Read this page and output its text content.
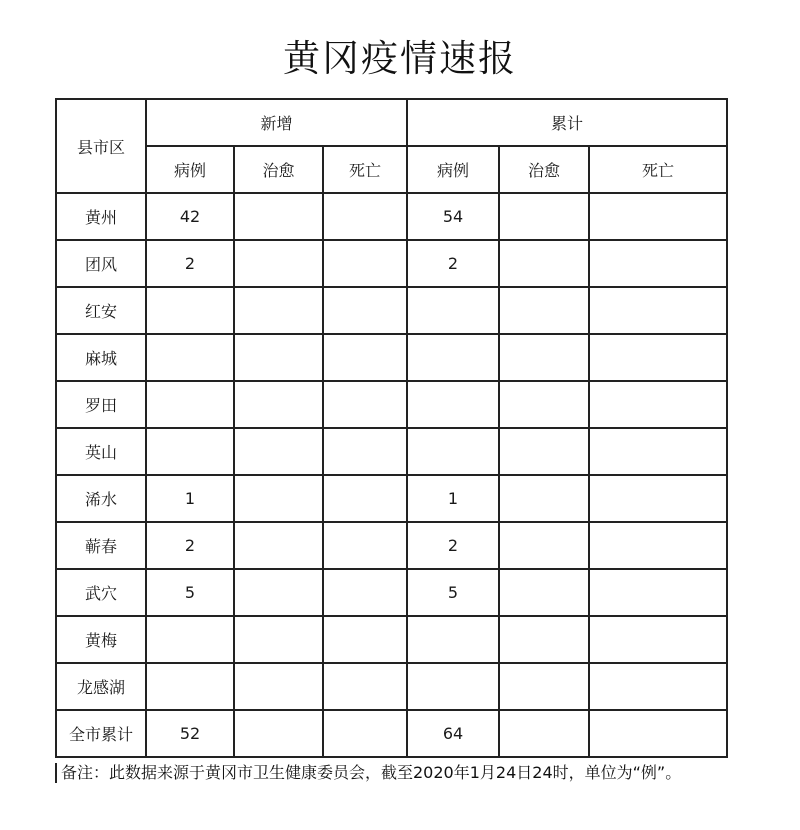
黄冈疫情速报
县市区	新增			累计		
	病例	治愈	死亡	病例	治愈	死亡
黄州	42			54		
团风	2			2		
红安						
麻城						
罗田						
英山						
浠水	1			1		
蕲春	2			2		
武穴	5			5		
黄梅						
龙感湖						
全市累计	52			64		
备注：此数据来源于黄冈市卫生健康委员会，截至2020年1月24日24时，单位为“例”。
